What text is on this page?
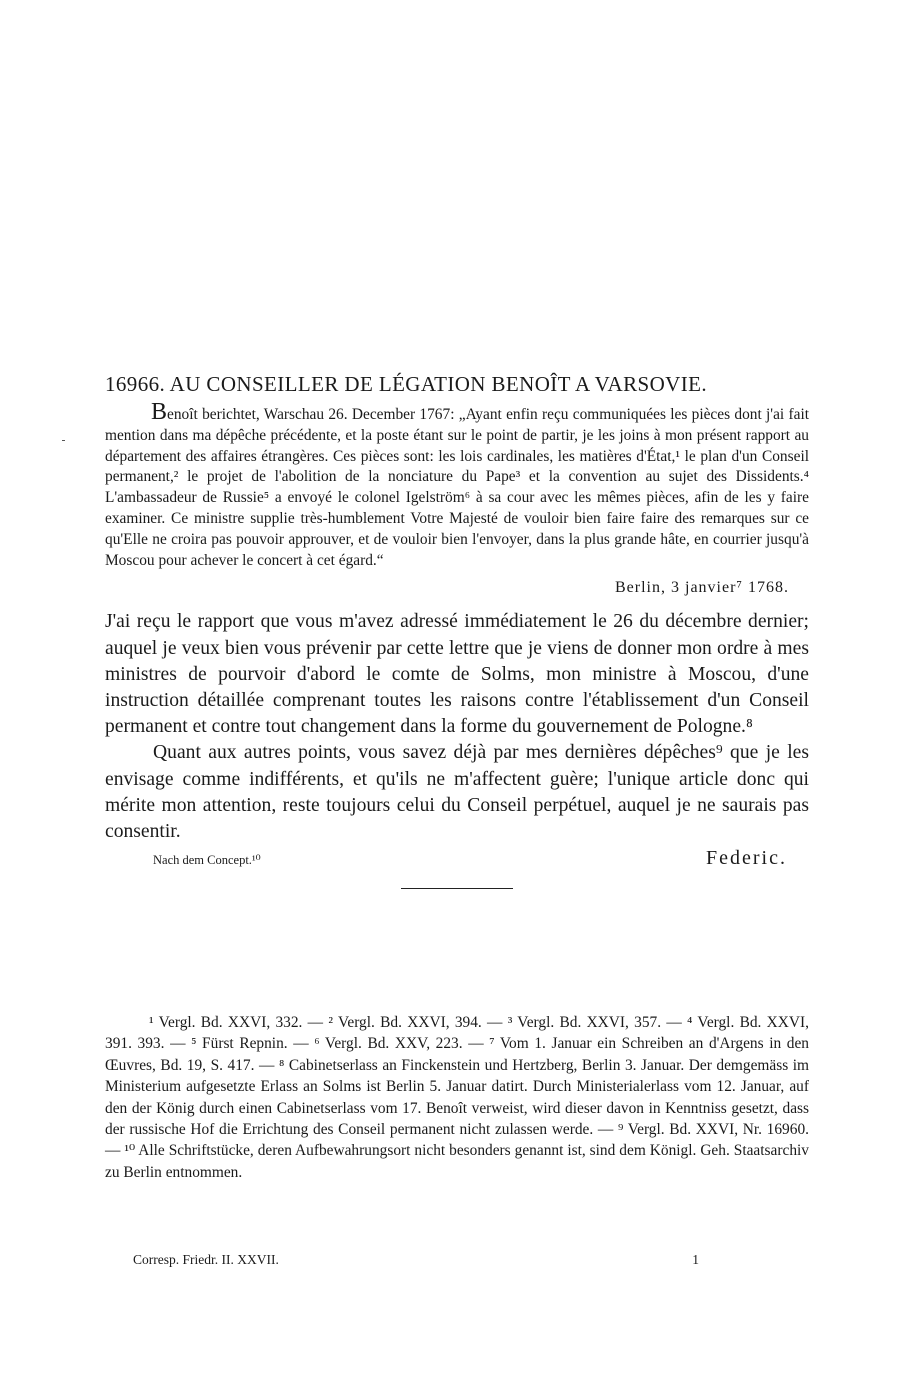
16966. AU CONSEILLER DE LÉGATION BENOÎT A VARSOVIE.

Benoît berichtet, Warschau 26. December 1767: „Ayant enfin reçu communiquées les pièces dont j'ai fait mention dans ma dépêche précédente, et la poste étant sur le point de partir, je les joins à mon présent rapport au département des affaires étrangères. Ces pièces sont: les lois cardinales, les matières d'État,¹ le plan d'un Conseil permanent,² le projet de l'abolition de la nonciature du Pape³ et la convention au sujet des Dissidents.⁴ L'ambassadeur de Russie⁵ a envoyé le colonel Igelström⁶ à sa cour avec les mêmes pièces, afin de les y faire examiner. Ce ministre supplie très-humblement Votre Majesté de vouloir bien faire faire des remarques sur ce qu'Elle ne croira pas pouvoir approuver, et de vouloir bien l'envoyer, dans la plus grande hâte, en courrier jusqu'à Moscou pour achever le concert à cet égard.“

Berlin, 3 janvier⁷ 1768.

J'ai reçu le rapport que vous m'avez adressé immédiatement le 26 du décembre dernier; auquel je veux bien vous prévenir par cette lettre que je viens de donner mon ordre à mes ministres de pourvoir d'abord le comte de Solms, mon ministre à Moscou, d'une instruction détaillée comprenant toutes les raisons contre l'établissement d'un Conseil permanent et contre tout changement dans la forme du gouvernement de Pologne.⁸

Quant aux autres points, vous savez déjà par mes dernières dépêches⁹ que je les envisage comme indifférents, et qu'ils ne m'affectent guère; l'unique article donc qui mérite mon attention, reste toujours celui du Conseil perpétuel, auquel je ne saurais pas consentir.

Nach dem Concept.¹⁰	Federic.

¹ Vergl. Bd. XXVI, 332. — ² Vergl. Bd. XXVI, 394. — ³ Vergl. Bd. XXVI, 357. — ⁴ Vergl. Bd. XXVI, 391. 393. — ⁵ Fürst Repnin. — ⁶ Vergl. Bd. XXV, 223. — ⁷ Vom 1. Januar ein Schreiben an d'Argens in den Œuvres, Bd. 19, S. 417. — ⁸ Cabinetserlass an Finckenstein und Hertzberg, Berlin 3. Januar. Der demgemäss im Ministerium aufgesetzte Erlass an Solms ist Berlin 5. Januar datirt. Durch Ministerialerlass vom 12. Januar, auf den der König durch einen Cabinetserlass vom 17. Benoît verweist, wird dieser davon in Kenntniss gesetzt, dass der russische Hof die Errichtung des Conseil permanent nicht zulassen werde. — ⁹ Vergl. Bd. XXVI, Nr. 16960. — ¹⁰ Alle Schriftstücke, deren Aufbewahrungsort nicht besonders genannt ist, sind dem Königl. Geh. Staatsarchiv zu Berlin entnommen.

Corresp. Friedr. II. XXVII.	1
